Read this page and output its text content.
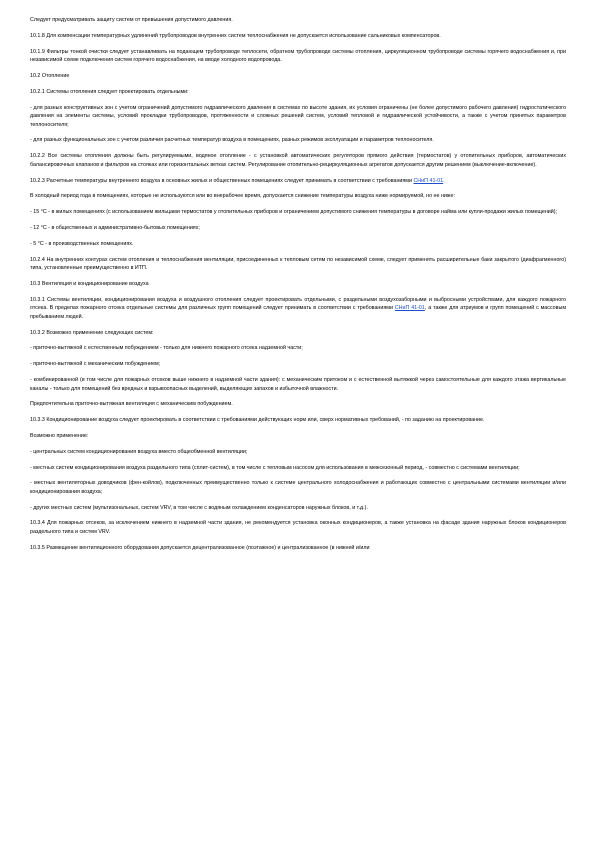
Следует предусматривать защиту систем от превышения допустимого давления.

10.1.8 Для компенсации температурных удлинений трубопроводов внутренних систем теплоснабжения не допускается использование сальниковых компенсаторов.

10.1.9 Фильтры тонкой очистки следует устанавливать на подающем трубопроводе теплосети, обратном трубопроводе системы отопления, циркуляционном трубопроводе системы горячего водоснабжения и, при независимой схеме подключения систем горячего водоснабжения, на вводе холодного водопровода.

10.2 Отопление

10.2.1 Системы отопления следует проектировать отдельными:

- для разных конструктивных зон с учетом ограничений допустимого гидравлического давления в системах по высоте здания, их условия ограничены (не более допустимого рабочего давления) гидростатического давления на элементы системы, условий прокладки трубопроводов, протяженности и сложных решений систем, условий тепловой и гидравлической устойчивости, а также с учетом принятых параметров теплоносителя;

- для разных функциональных зон с учетом различия расчетных температур воздуха в помещениях, разных режимов эксплуатации и параметров теплоносителя.

10.2.2 Все системы отопления должны быть регулируемыми, водяное отопление - с установкой автоматических регуляторов прямого действия (термостатов) у отопительных приборов, автоматических балансировочных клапанов и фильтров на стояках или горизонтальных ветках систем. Регулирование отопительно-рециркуляционных агрегатов допускается другим решением (выключение-включение).

10.2.3 Расчетные температуры внутреннего воздуха в основных жилых и общественных помещениях следует принимать в соответствии с требованиями СНиП 41-01.

В холодный период года в помещениях, которые не используются или во внерабочее время, допускается снижение температуры воздуха ниже нормируемой, но не ниже:

- 15 °С - в жилых помещениях (с использованием жильцами термостатов у отопительных приборов и ограничением допустимого снижения температуры в договоре найма или купли-продажи жилых помещений);

- 12 °С - в общественных и административно-бытовых помещениях;

- 5 °С - в производственных помещениях.

10.2.4 На внутренних контурах систем отопления и теплоснабжения вентиляции, присоединенных к тепловым сетям по независимой схеме, следует применять расширительные баки закрытого (диафрагменного) типа, установленные преимущественно в ИТП.

10.3 Вентиляция и кондиционирование воздуха

10.3.1 Системы вентиляции, кондиционирования воздуха и воздушного отопления следует проектировать отдельными, с раздельными воздухозаборными и выбросными устройствами, для каждого пожарного отсека. В пределах пожарного отсека отдельные системы для различных групп помещений следует принимать в соответствии с требованиями СНиП 41-01, а также для атриумов и групп помещений с массовым пребыванием людей.

10.3.2 Возможно применение следующих систем:

- приточно-вытяжной с естественным побуждением - только для нижнего пожарного отсека надземной части;

- приточно-вытяжной с механическим побуждением;

- комбинированной (в том числе для пожарных отсеков выше нижнего в надземной части здания): с механическим притоком и с естественной вытяжкой через самостоятельные для каждого этажа вертикальные каналы - только для помещений без вредных и взрывоопасных выделений, выделяющих запахов и избыточной влажности.

Предпочтительна приточно-вытяжная вентиляция с механическим побуждением.

10.3.3 Кондиционирование воздуха следует проектировать в соответствии с требованиями действующих норм или, сверх нормативных требований, - по заданию на проектирование.

Возможно применение:

- центральных систем кондиционирования воздуха вместо общеобменной вентиляции;

- местных систем кондиционирования воздуха раздельного типа (сплит-систем), в том числе с тепловым насосом для использования в межсезонный период, - совместно с системами вентиляции;

- местных вентиляторных доводчиков (фен-койлов), подключенных преимущественно только к системе центрального холодоснабжения и работающих совместно с центральными системами вентиляции и/или кондиционирования воздуха;

- других местных систем (мультизональных, систем VRV, в том числе с водяным охлаждением конденсаторов наружных блоков, и т.д.).

10.3.4 Для пожарных отсеков, за исключением нижнего в надземной части здания, не рекомендуется установка оконных кондиционеров, а также установка на фасаде здания наружных блоков кондиционеров раздельного типа и систем VRV.

10.3.5 Размещение вентиляционного оборудования допускается децентрализованное (поэтажное) и централизованное (в нижней и/или
